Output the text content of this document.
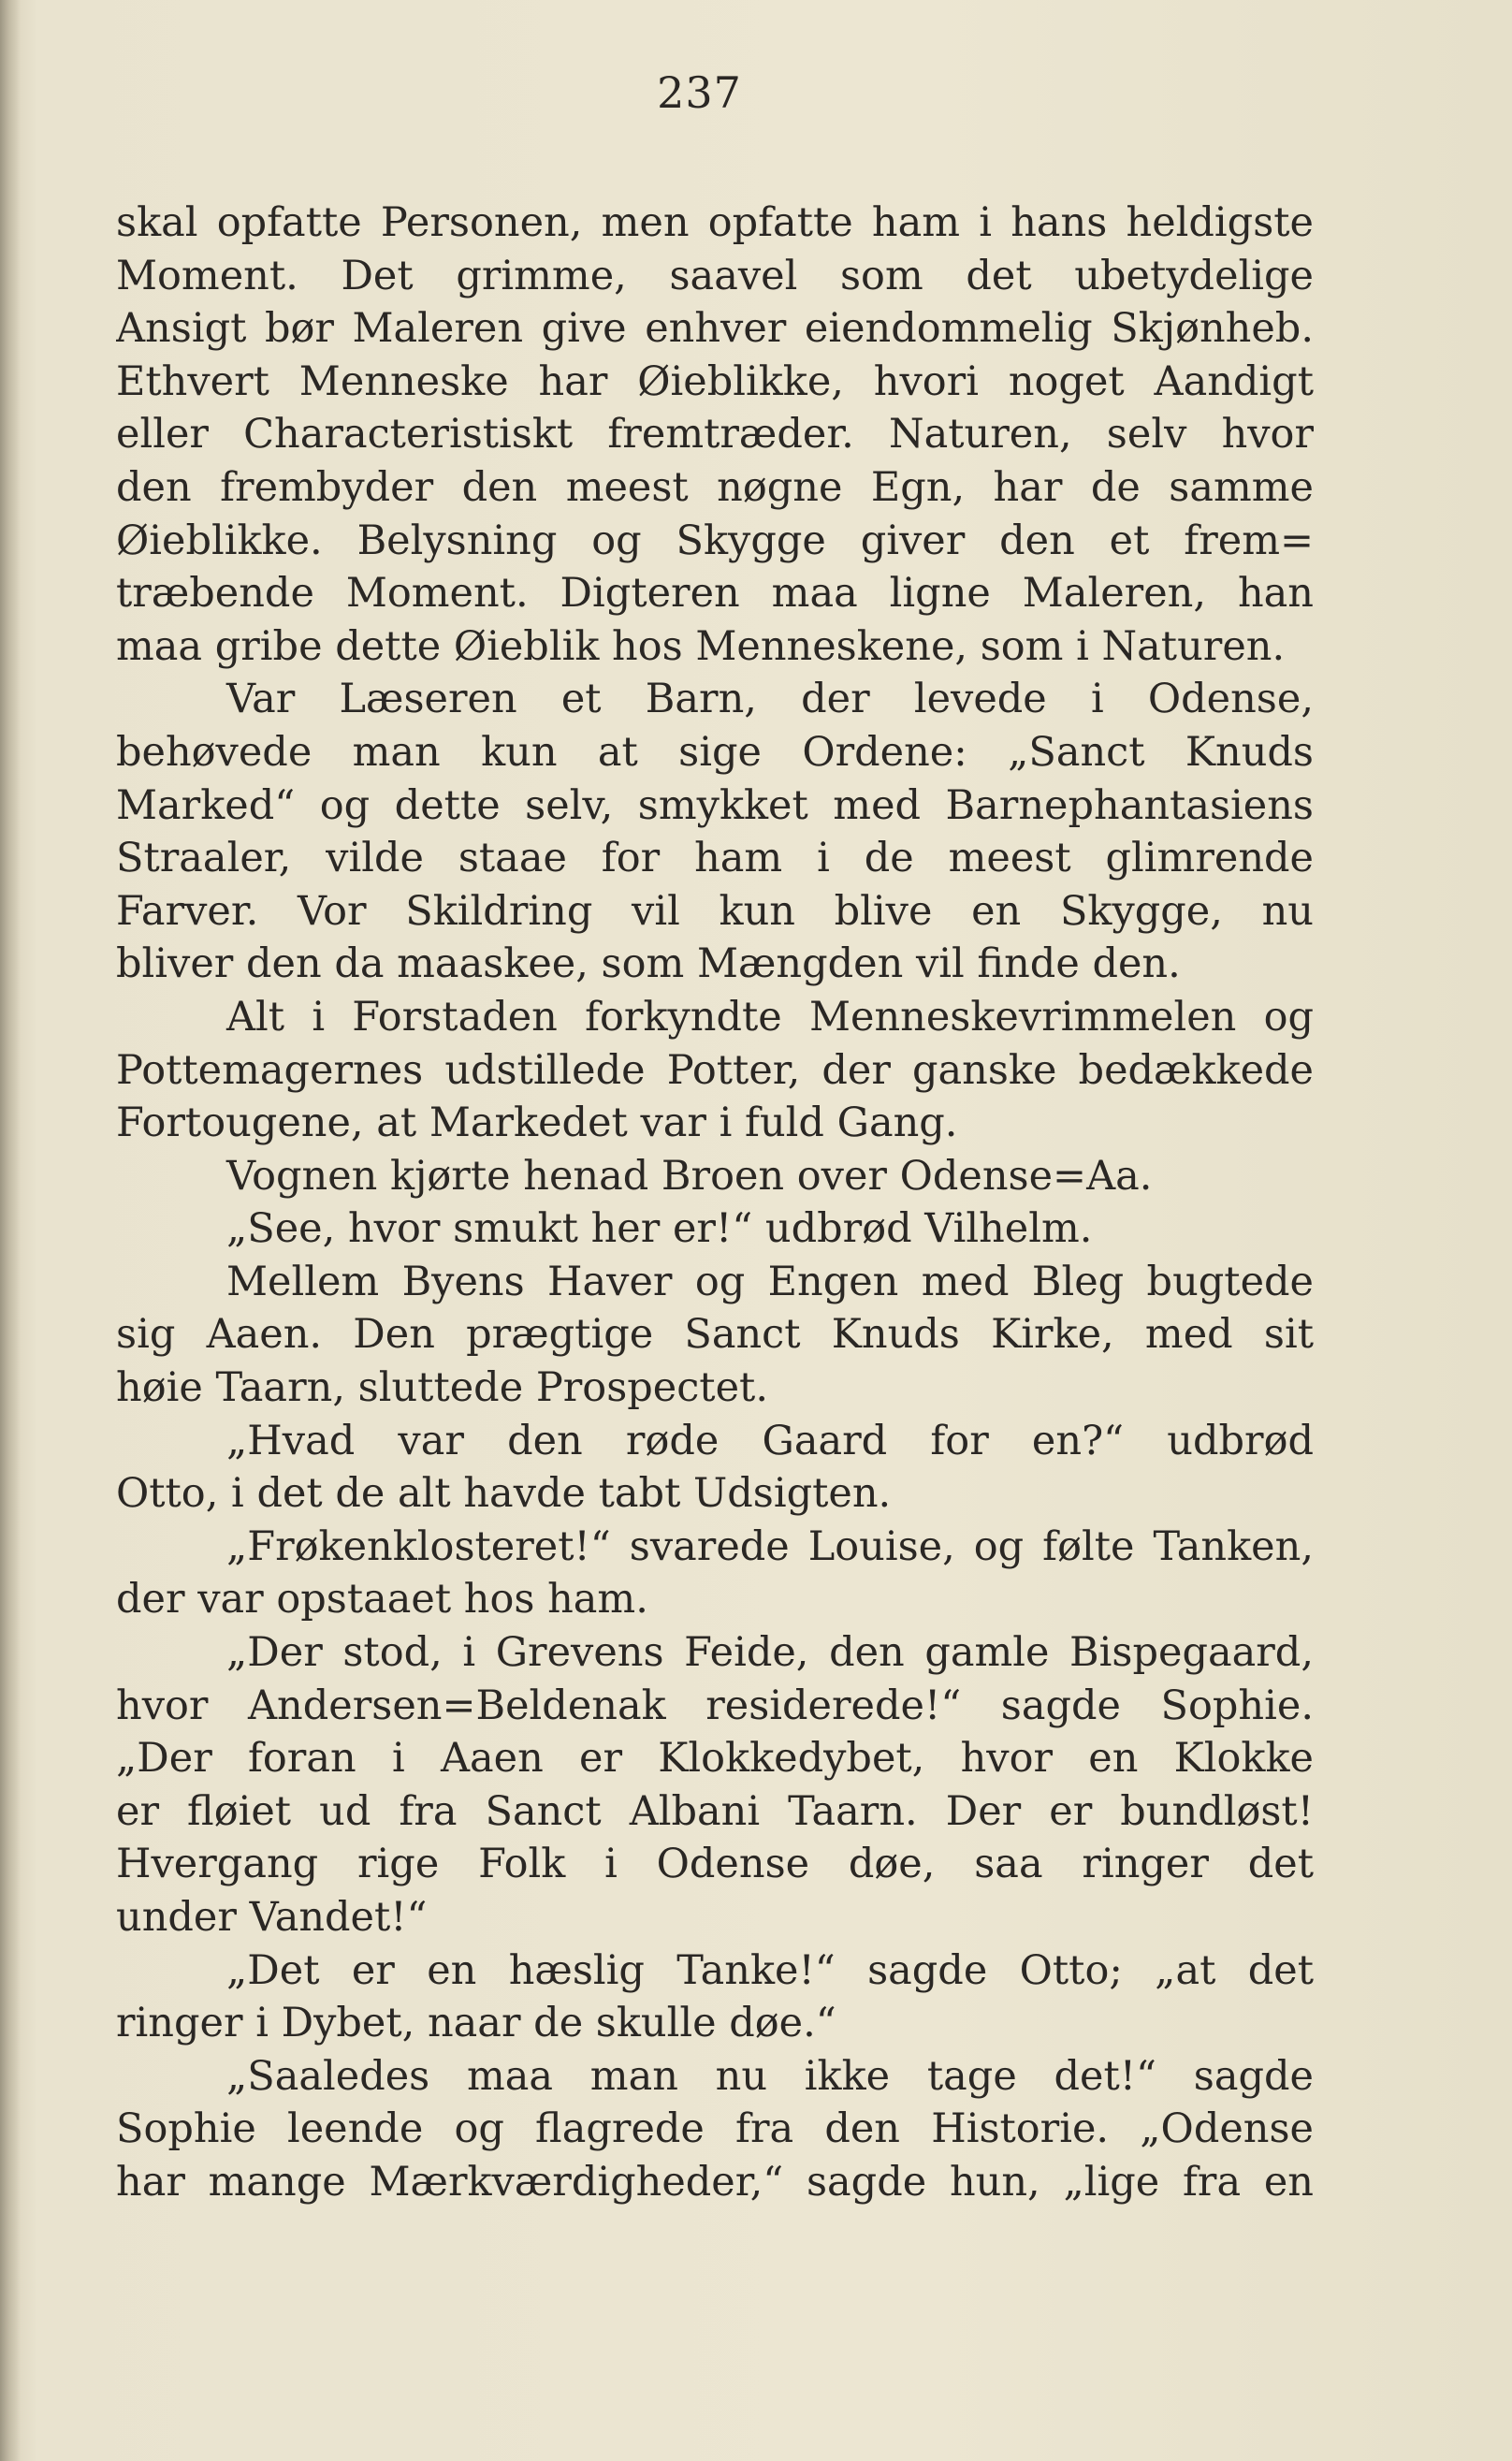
237
skal opfatte Personen, men opfatte ham i hans heldigste
Moment. Det grimme, saavel som det ubetydelige
Ansigt bør Maleren give enhver eiendommelig Skjønheb.
Ethvert Menneske har Øieblikke, hvori noget Aandigt
eller Characteristiskt fremtræder. Naturen, selv hvor
den frembyder den meest nøgne Egn, har de samme
Øieblikke. Belysning og Skygge giver den et frem=
træbende Moment. Digteren maa ligne Maleren, han
maa gribe dette Øieblik hos Menneskene, som i Naturen.
Var Læseren et Barn, der levede i Odense,
behøvede man kun at sige Ordene: „Sanct Knuds
Marked“ og dette selv, smykket med Barnephantasiens
Straaler, vilde staae for ham i de meest glimrende
Farver. Vor Skildring vil kun blive en Skygge, nu
bliver den da maaskee, som Mængden vil finde den.
Alt i Forstaden forkyndte Menneskevrimmelen og
Pottemagernes udstillede Potter, der ganske bedækkede
Fortougene, at Markedet var i fuld Gang.
Vognen kjørte henad Broen over Odense=Aa.
„See, hvor smukt her er!“ udbrød Vilhelm.
Mellem Byens Haver og Engen med Bleg bugtede
sig Aaen. Den prægtige Sanct Knuds Kirke, med sit
høie Taarn, sluttede Prospectet.
„Hvad var den røde Gaard for en?“ udbrød
Otto, i det de alt havde tabt Udsigten.
„Frøkenklosteret!“ svarede Louise, og følte Tanken,
der var opstaaet hos ham.
„Der stod, i Grevens Feide, den gamle Bispegaard,
hvor Andersen=Beldenak residerede!“ sagde Sophie.
„Der foran i Aaen er Klokkedybet, hvor en Klokke
er fløiet ud fra Sanct Albani Taarn. Der er bundløst!
Hvergang rige Folk i Odense døe, saa ringer det
under Vandet!“
„Det er en hæslig Tanke!“ sagde Otto; „at det
ringer i Dybet, naar de skulle døe.“
„Saaledes maa man nu ikke tage det!“ sagde
Sophie leende og flagrede fra den Historie. „Odense
har mange Mærkværdigheder,“ sagde hun, „lige fra en
